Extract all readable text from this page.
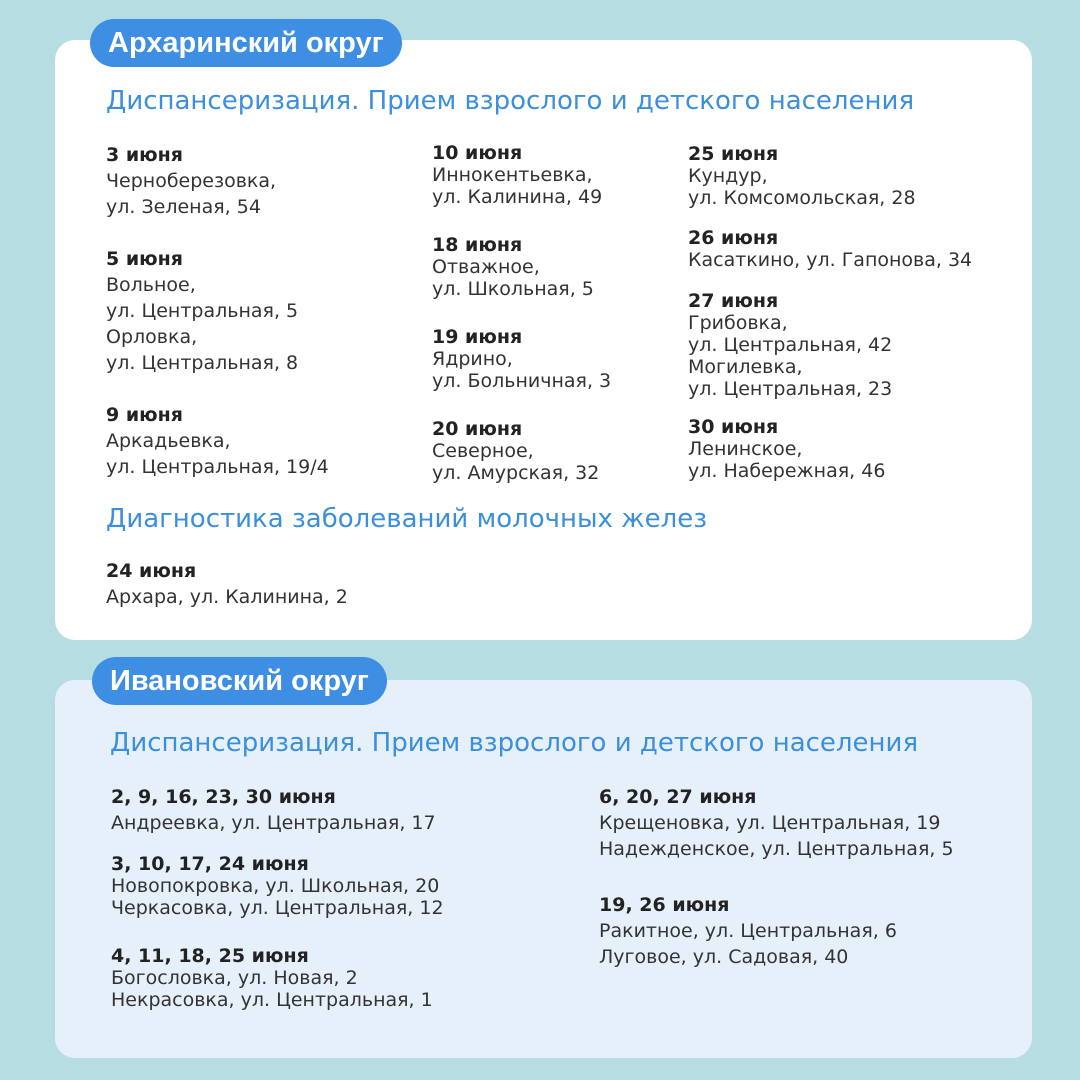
Архаринский округ
Диспансеризация. Прием взрослого и детского населения
3 июня
Черноберезовка,
ул. Зеленая, 54
5 июня
Вольное,
ул. Центральная, 5
Орловка,
ул. Центральная, 8
9 июня
Аркадьевка,
ул. Центральная, 19/4
10 июня
Иннокентьевка,
ул. Калинина, 49
18 июня
Отважное,
ул. Школьная, 5
19 июня
Ядрино,
ул. Больничная, 3
20 июня
Северное,
ул. Амурская, 32
25 июня
Кундур,
ул. Комсомольская, 28
26 июня
Касаткино, ул. Гапонова, 34
27 июня
Грибовка,
ул. Центральная, 42
Могилевка,
ул. Центральная, 23
30 июня
Ленинское,
ул. Набережная, 46
Диагностика заболеваний молочных желез
24 июня
Архара, ул. Калинина, 2
Ивановский округ
Диспансеризация. Прием взрослого и детского населения
2, 9, 16, 23, 30 июня
Андреевка, ул. Центральная, 17
3, 10, 17, 24 июня
Новопокровка, ул. Школьная, 20
Черкасовка, ул. Центральная, 12
4, 11, 18, 25 июня
Богословка, ул. Новая, 2
Некрасовка, ул. Центральная, 1
6, 20, 27 июня
Крещеновка, ул. Центральная, 19
Надежденское, ул. Центральная, 5
19, 26 июня
Ракитное, ул. Центральная, 6
Луговое, ул. Садовая, 40
